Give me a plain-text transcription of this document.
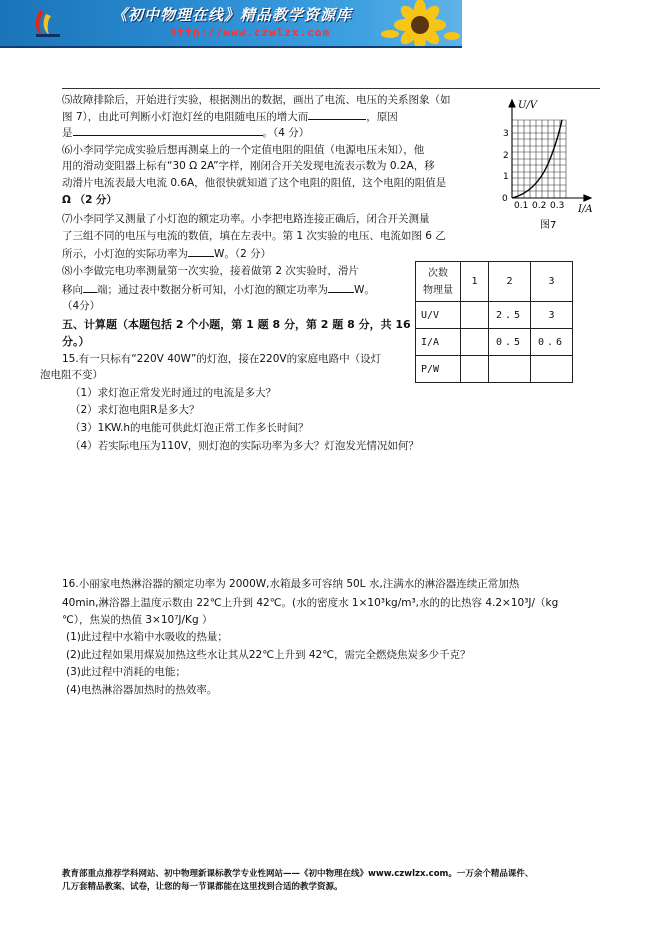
《初中物理在线》精品教学资源库
http://www.czwlzx.com
⑸故障排除后，开始进行实验，根据测出的数据，画出了电流、电压的关系图象（如
图 7），由此可判断小灯泡灯丝的电阻随电压的增大而	，原因
是	。（4 分）
⑹小李同学完成实验后想再测桌上的一个定值电阻的阻值（电源电压未知），他
用的滑动变阻器上标有“30 Ω 2A”字样，刚闭合开关发现电流表示数为 0.2A，移
动滑片电流表最大电流 0.6A，他很快就知道了这个电阻的阻值，这个电阻的阻值是
Ω （2 分）
U/V
I/A
0
1
2
3
0.1 0.2 0.3
图7
⑺小李同学又测量了小灯泡的额定功率。小李把电路连接正确后，闭合开关测量
了三组不同的电压与电流的数值，填在左表中。第 1 次实验的电压、电流如图 6 乙
所示，小灯泡的实际功率为 W。（2 分）
⑻小李做完电功率测量第一次实验，接着做第 2 次实验时，滑片
移向 端；通过表中数据分析可知，小灯泡的额定功率为 W。
（4分）
次数
物理量	1	2	3
U/V		2.5	3
I/A		0.5	0.6
P/W			
五、计算题（本题包括 2 个小题，第 1 题 8 分，第 2 题 8 分，共 16
分。）
15.有一只标有“220V 40W”的灯泡，接在220V的家庭电路中（设灯
泡电阻不变）
（1）求灯泡正常发光时通过的电流是多大？
（2）求灯泡电阻R是多大？
（3）1KW.h的电能可供此灯泡正常工作多长时间？
（4）若实际电压为110V，则灯泡的实际功率为多大？灯泡发光情况如何？
16.小丽家电热淋浴器的额定功率为 2000W,水箱最多可容纳 50L 水,注满水的淋浴器连续正常加热
40min,淋浴器上温度示数由 22℃上升到 42℃。(水的密度水 1×10³kg/m³,水的的比热容 4.2×10³J/（kg
℃），焦炭的热值 3×10⁷J/Kg ）
(1)此过程中水箱中水吸收的热量；
(2)此过程如果用煤炭加热这些水让其从22℃上升到 42℃，需完全燃烧焦炭多少千克？
(3)此过程中消耗的电能；
(4)电热淋浴器加热时的热效率。
教育部重点推荐学科网站、初中物理新课标教学专业性网站——《初中物理在线》www.czwlzx.com。一万余个精品课件、
几万套精品教案、试卷，让您的每一节课都能在这里找到合适的教学资源。
